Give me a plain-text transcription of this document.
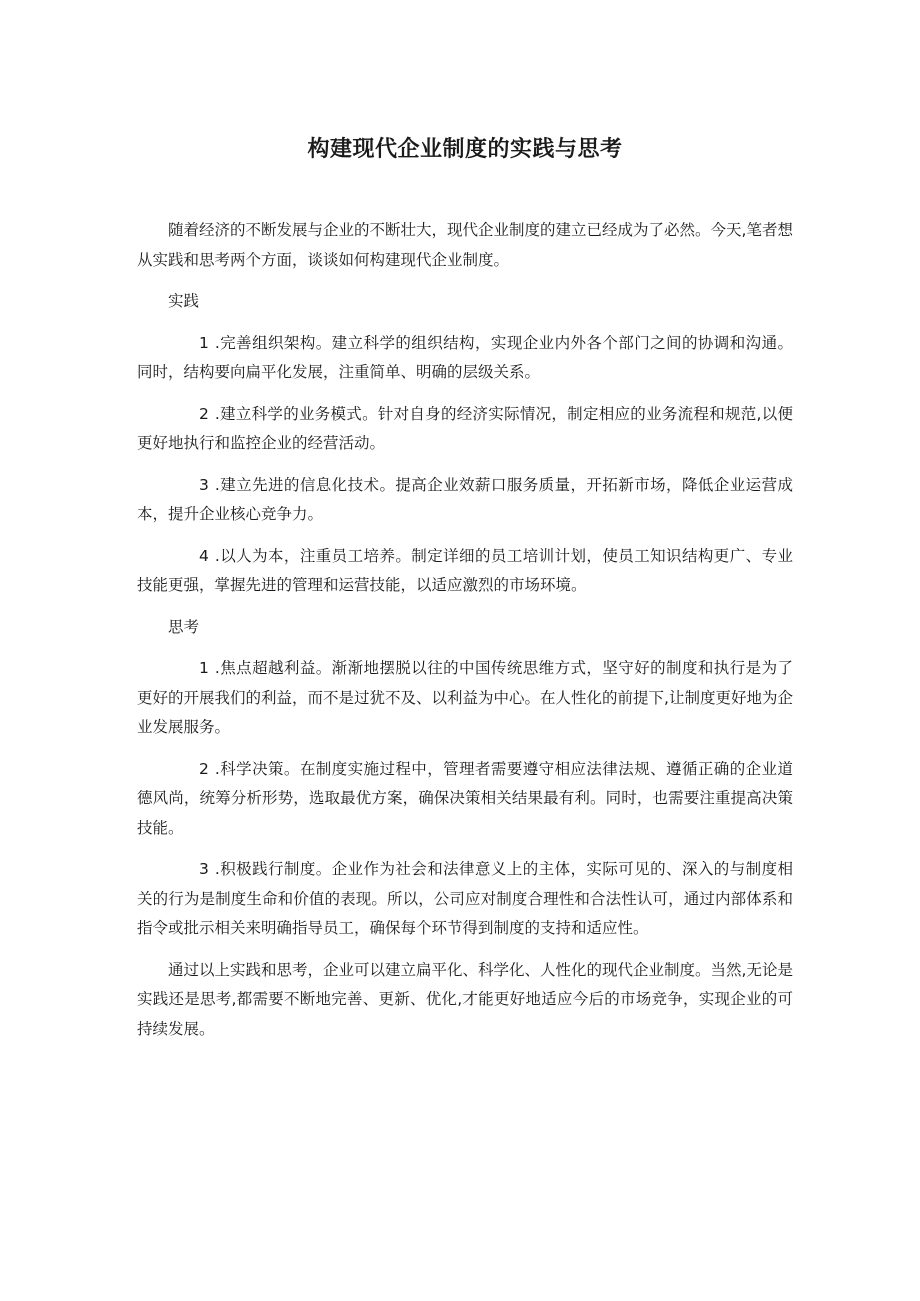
构建现代企业制度的实践与思考

随着经济的不断发展与企业的不断壮大，现代企业制度的建立已经成为了必然。今天,笔者想从实践和思考两个方面，谈谈如何构建现代企业制度。

实践

1 .完善组织架构。建立科学的组织结构，实现企业内外各个部门之间的协调和沟通。同时，结构要向扁平化发展，注重简单、明确的层级关系。

2 .建立科学的业务模式。针对自身的经济实际情况，制定相应的业务流程和规范,以便更好地执行和监控企业的经营活动。

3 .建立先进的信息化技术。提高企业效薪口服务质量，开拓新市场，降低企业运营成本，提升企业核心竞争力。

4 .以人为本，注重员工培养。制定详细的员工培训计划，使员工知识结构更广、专业技能更强，掌握先进的管理和运营技能，以适应激烈的市场环境。

思考

1 .焦点超越利益。渐渐地摆脱以往的中国传统思维方式，坚守好的制度和执行是为了更好的开展我们的利益，而不是过犹不及、以利益为中心。在人性化的前提下,让制度更好地为企业发展服务。

2 .科学决策。在制度实施过程中，管理者需要遵守相应法律法规、遵循正确的企业道德风尚，统筹分析形势，选取最优方案，确保决策相关结果最有利。同时，也需要注重提高决策技能。

3 .积极践行制度。企业作为社会和法律意义上的主体，实际可见的、深入的与制度相关的行为是制度生命和价值的表现。所以，公司应对制度合理性和合法性认可，通过内部体系和指令或批示相关来明确指导员工，确保每个环节得到制度的支持和适应性。

通过以上实践和思考，企业可以建立扁平化、科学化、人性化的现代企业制度。当然,无论是实践还是思考,都需要不断地完善、更新、优化,才能更好地适应今后的市场竞争，实现企业的可持续发展。
